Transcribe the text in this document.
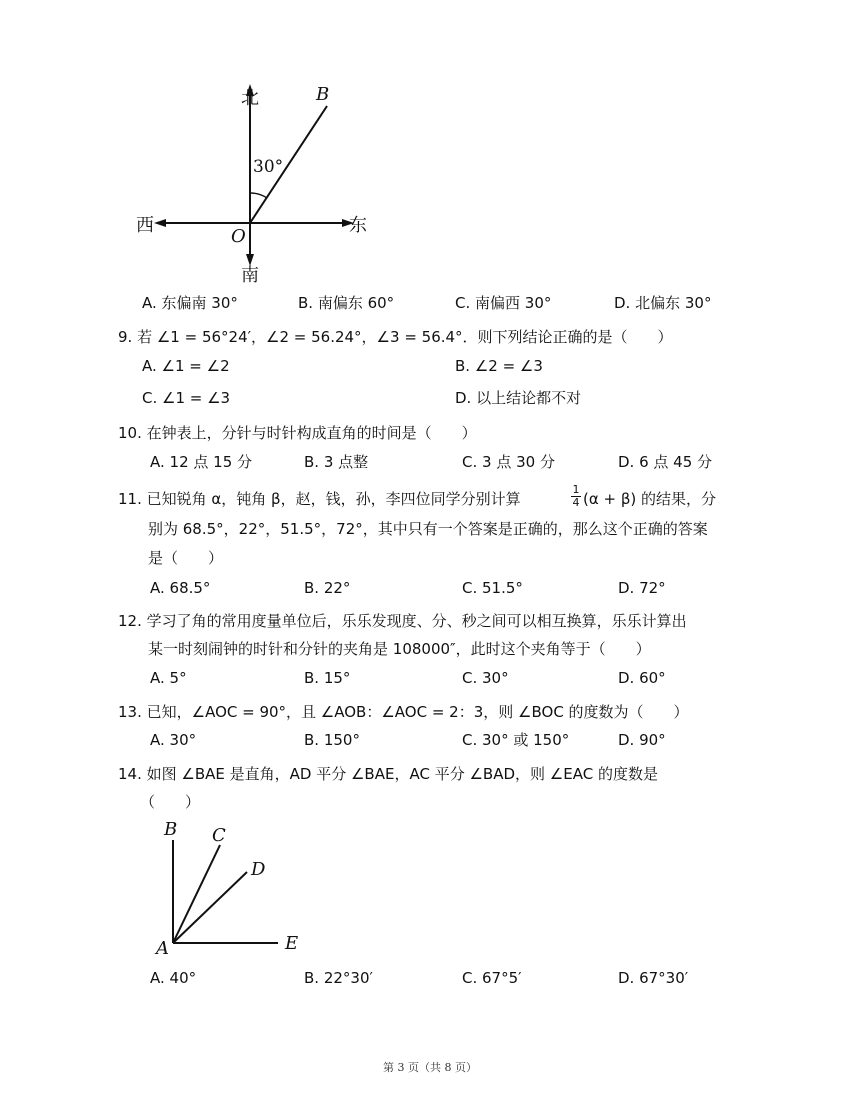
北	B
30°
西	东
O
南
A. 东偏南 30°	B. 南偏东 60°	C. 南偏西 30°	D. 北偏东 30°
9. 若 ∠1 = 56°24′，∠2 = 56.24°，∠3 = 56.4°．则下列结论正确的是（　　）
A. ∠1 = ∠2	B. ∠2 = ∠3
C. ∠1 = ∠3	D. 以上结论都不对
10. 在钟表上，分针与时针构成直角的时间是（　　）
A. 12 点 15 分	B. 3 点整	C. 3 点 30 分	D. 6 点 45 分
11. 已知锐角 α，钝角 β，赵，钱，孙，李四位同学分别计算	$\frac{1}{4} (\alpha + \beta)$ 的结果，分
别为 68.5°，22°，51.5°，72°，其中只有一个答案是正确的，那么这个正确的答案
是（　　）
A. 68.5°	B. 22°	C. 51.5°	D. 72°
12. 学习了角的常用度量单位后，乐乐发现度、分、秒之间可以相互换算，乐乐计算出
某一时刻闹钟的时针和分针的夹角是 108000″，此时这个夹角等于（　　）
A. 5°	B. 15°	C. 30°	D. 60°
13. 已知，∠AOC = 90°，且 ∠AOB：∠AOC = 2：3，则 ∠BOC 的度数为（　　）
A. 30°	B. 150°	C. 30° 或 150°	D. 90°
14. 如图 ∠BAE 是直角，AD 平分 ∠BAE，AC 平分 ∠BAD，则 ∠EAC 的度数是
（　　）
B C
D
A	E
A. 40°	B. 22°30′	C. 67°5′	D. 67°30′
第 3 页（共 8 页）
